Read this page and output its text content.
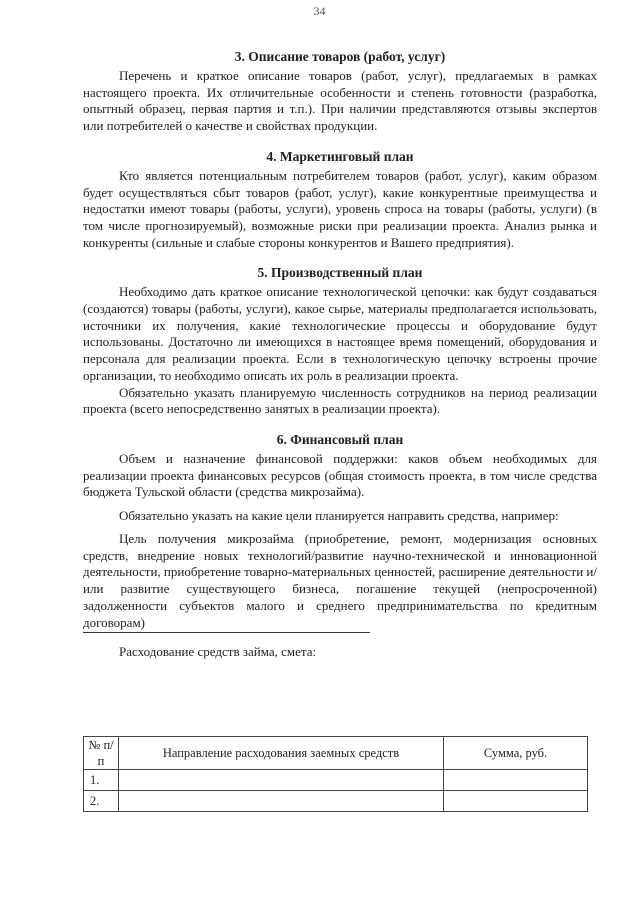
34
3. Описание товаров (работ, услуг)

Перечень и краткое описание товаров (работ, услуг), предлагаемых в рамках настоящего проекта. Их отличительные особенности и степень готовности (разработка, опытный образец, первая партия и т.п.). При наличии представляются отзывы экспертов или потребителей о качестве и свойствах продукции.

4. Маркетинговый план

Кто является потенциальным потребителем товаров (работ, услуг), каким образом будет осуществляться сбыт товаров (работ, услуг), какие конкурентные преимущества и недостатки имеют товары (работы, услуги), уровень спроса на товары (работы, услуги) (в том числе прогнозируемый), возможные риски при реализации проекта. Анализ рынка и конкуренты (сильные и слабые стороны конкурентов и Вашего предприятия).

5. Производственный план

Необходимо дать краткое описание технологической цепочки: как будут создаваться (создаются) товары (работы, услуги), какое сырье, материалы предполагается использовать, источники их получения, какие технологические процессы и оборудование будут использованы. Достаточно ли имеющихся в настоящее время помещений, оборудования и персонала для реализации проекта. Если в технологическую цепочку встроены прочие организации, то необходимо описать их роль в реализации проекта.

Обязательно указать планируемую численность сотрудников на период реализации проекта (всего непосредственно занятых в реализации проекта).

6. Финансовый план

Объем и назначение финансовой поддержки: каков объем необходимых для реализации проекта финансовых ресурсов (общая стоимость проекта, в том числе средства бюджета Тульской области (средства микрозайма).

Обязательно указать на какие цели планируется направить средства, например:

Цель получения микрозайма (приобретение, ремонт, модернизация основных средств, внедрение новых технологий/развитие научно-технической и инновационной деятельности, приобретение товарно-материальных ценностей, расширение деятельности и/или развитие существующего бизнеса, погашение текущей (непросроченной) задолженности субъектов малого и среднего предпринимательства по кредитным договорам)

Расходование средств займа, смета:
№ п/п	Направление расходования заемных средств	Сумма, руб.
1.		
2.		
